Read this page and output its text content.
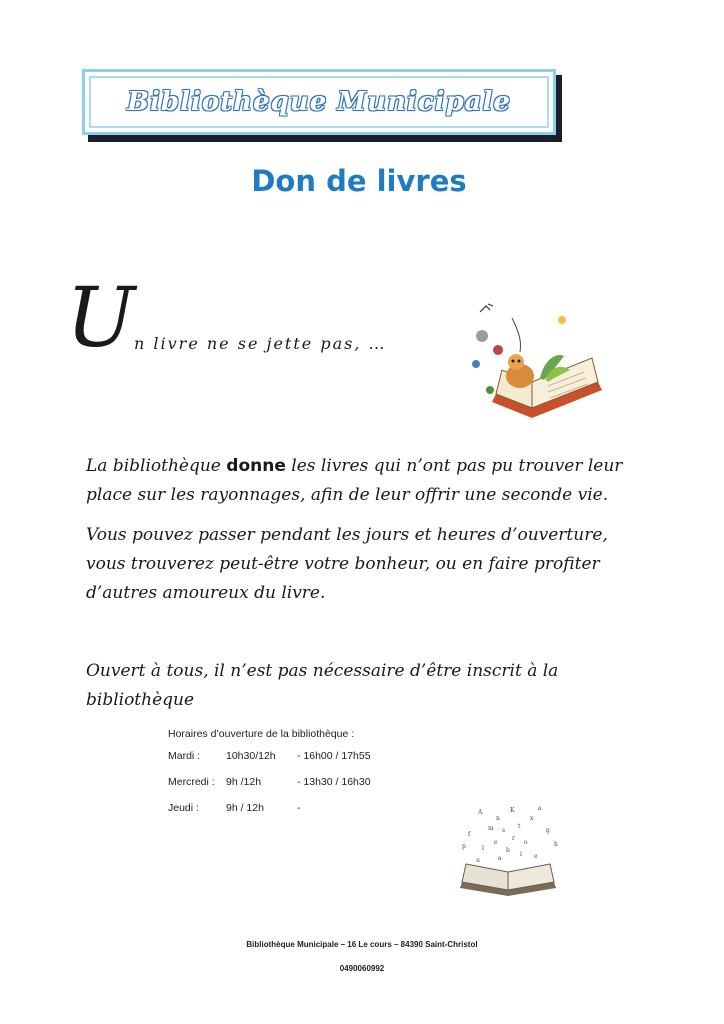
Bibliothèque Municipale
Don de livres
U
n livre ne se jette pas, …
La bibliothèque donne les livres qui n’ont pas pu trouver leur place sur les rayonnages, afin de leur offrir une seconde vie.
Vous pouvez passer pendant les jours et heures d’ouverture, vous trouverez peut-être votre bonheur, ou en faire profiter d’autres amoureux du livre.
Ouvert à tous, il n’est pas nécessaire d’être inscrit à la bibliothèque
Horaires d’ouverture de la bibliothèque :
Mardi :	10h30/12h	- 16h00 / 17h55
Mercredi :	9h /12h	- 13h30 / 16h30
Jeudi :	9h / 12h	-
a
b
e
r
s
t
m
o
l
x
A	K	a
f
g
n
i e
u
h
p
Bibliothèque Municipale – 16 Le cours – 84390 Saint-Christol
0490060992
